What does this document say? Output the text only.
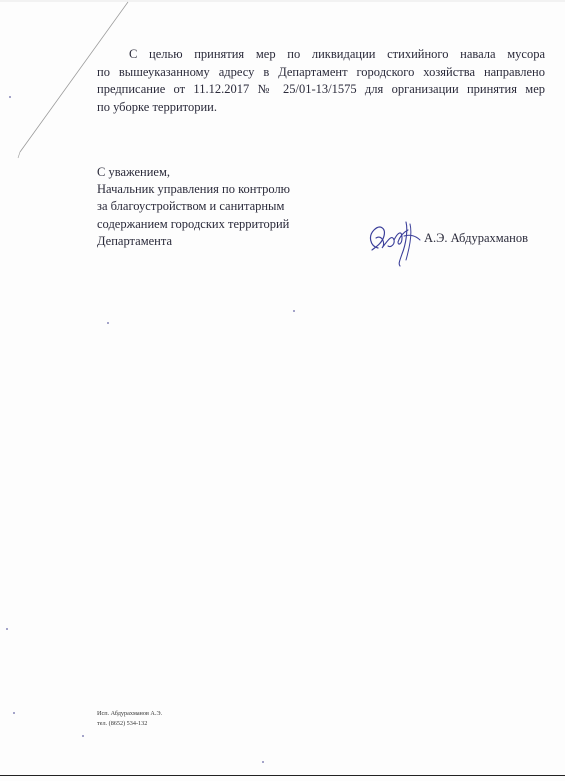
С целью принятия мер по ликвидации стихийного навала мусора
по вышеуказанному адресу в Департамент городского хозяйства направлено
предписание от 11.12.2017 № 25/01-13/1575 для организации принятия мер
по уборке территории.

С уважением,
Начальник управления по контролю
за благоустройством и санитарным
содержанием городских территорий
Департамента	А.Э. Абдурахманов
Исп. Абдурахманов А.Э.
тел. (8652) 534-132
